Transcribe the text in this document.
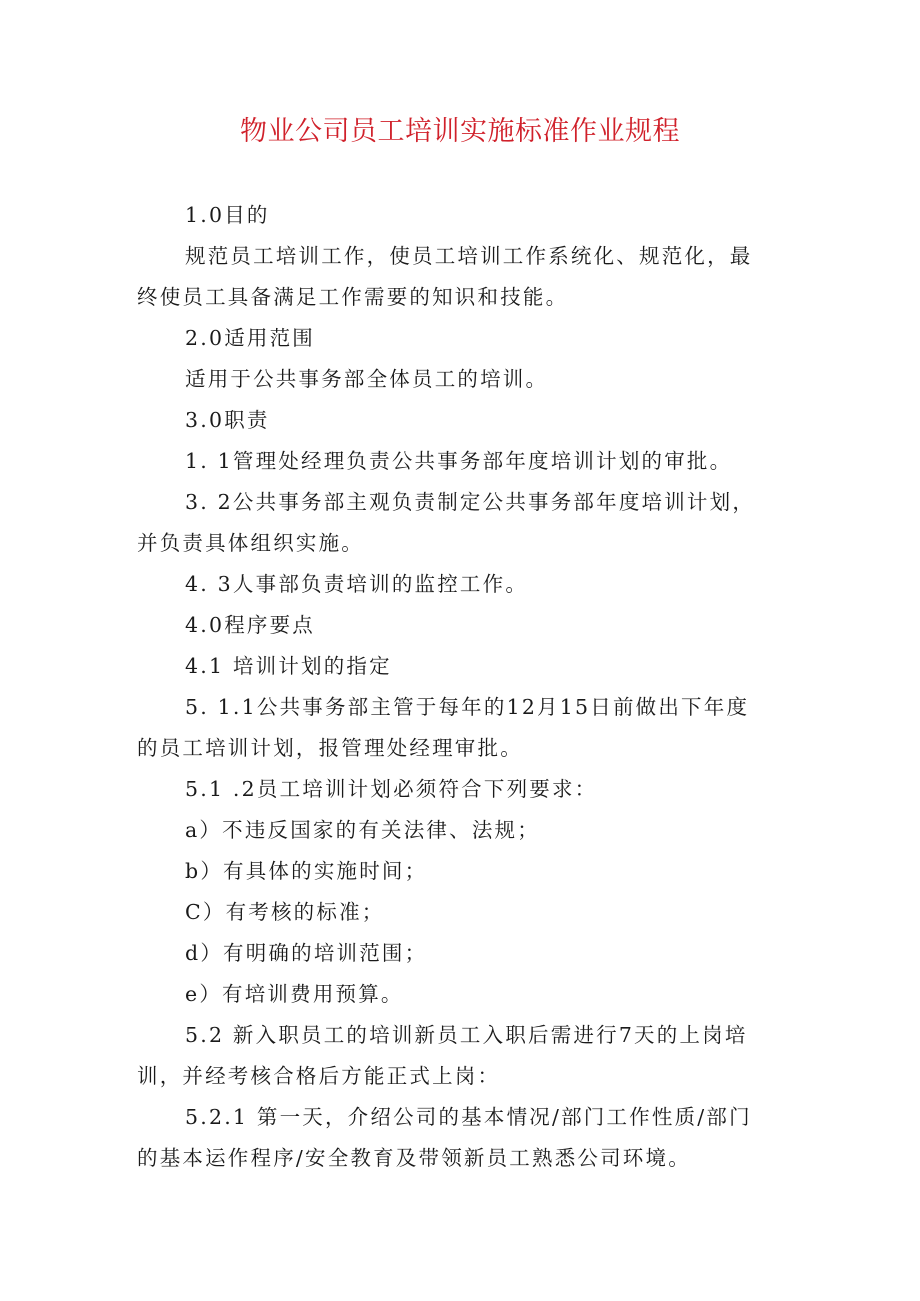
物业公司员工培训实施标准作业规程

1.0目的

规范员工培训工作，使员工培训工作系统化、规范化，最终使员工具备满足工作需要的知识和技能。

2.0适用范围

适用于公共事务部全体员工的培训。

3.0职责

1. 1管理处经理负责公共事务部年度培训计划的审批。

3. 2公共事务部主观负责制定公共事务部年度培训计划，并负责具体组织实施。

4. 3人事部负责培训的监控工作。

4.0程序要点

4.1 培训计划的指定

5. 1.1公共事务部主管于每年的12月15日前做出下年度的员工培训计划，报管理处经理审批。

5.1 .2员工培训计划必须符合下列要求：

a）不违反国家的有关法律、法规；

b）有具体的实施时间；

C）有考核的标准；

d）有明确的培训范围；

e）有培训费用预算。

5.2 新入职员工的培训新员工入职后需进行7天的上岗培训，并经考核合格后方能正式上岗：

5.2.1 第一天，介绍公司的基本情况/部门工作性质/部门的基本运作程序/安全教育及带领新员工熟悉公司环境。
